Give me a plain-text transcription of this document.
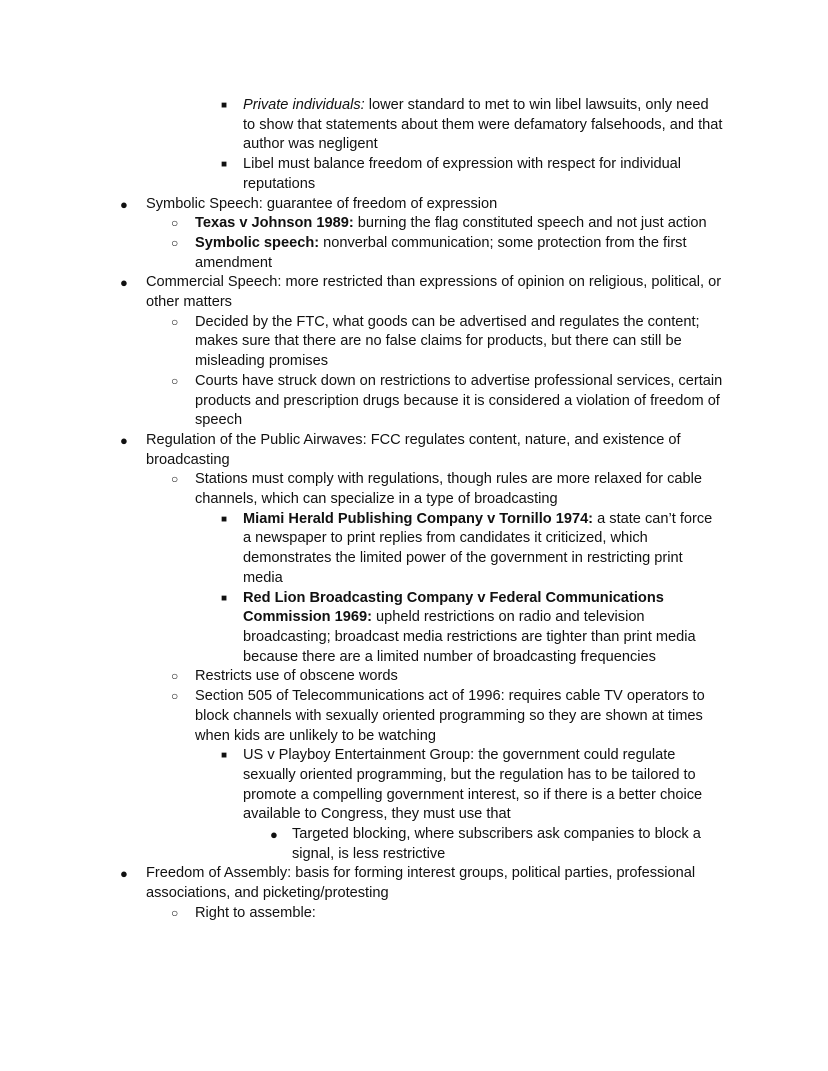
■ Private individuals: lower standard to met to win libel lawsuits, only need to show that statements about them were defamatory falsehoods, and that author was negligent
■ Libel must balance freedom of expression with respect for individual reputations
● Symbolic Speech: guarantee of freedom of expression
○ Texas v Johnson 1989: burning the flag constituted speech and not just action
○ Symbolic speech: nonverbal communication; some protection from the first amendment
● Commercial Speech: more restricted than expressions of opinion on religious, political, or other matters
○ Decided by the FTC, what goods can be advertised and regulates the content; makes sure that there are no false claims for products, but there can still be misleading promises
○ Courts have struck down on restrictions to advertise professional services, certain products and prescription drugs because it is considered a violation of freedom of speech
● Regulation of the Public Airwaves: FCC regulates content, nature, and existence of broadcasting
○ Stations must comply with regulations, though rules are more relaxed for cable channels, which can specialize in a type of broadcasting
■ Miami Herald Publishing Company v Tornillo 1974: a state can’t force a newspaper to print replies from candidates it criticized, which demonstrates the limited power of the government in restricting print media
■ Red Lion Broadcasting Company v Federal Communications Commission 1969: upheld restrictions on radio and television broadcasting; broadcast media restrictions are tighter than print media because there are a limited number of broadcasting frequencies
○ Restricts use of obscene words
○ Section 505 of Telecommunications act of 1996: requires cable TV operators to block channels with sexually oriented programming so they are shown at times when kids are unlikely to be watching
■ US v Playboy Entertainment Group: the government could regulate sexually oriented programming, but the regulation has to be tailored to promote a compelling government interest, so if there is a better choice available to Congress, they must use that
● Targeted blocking, where subscribers ask companies to block a signal, is less restrictive
● Freedom of Assembly: basis for forming interest groups, political parties, professional associations, and picketing/protesting
○ Right to assemble:
